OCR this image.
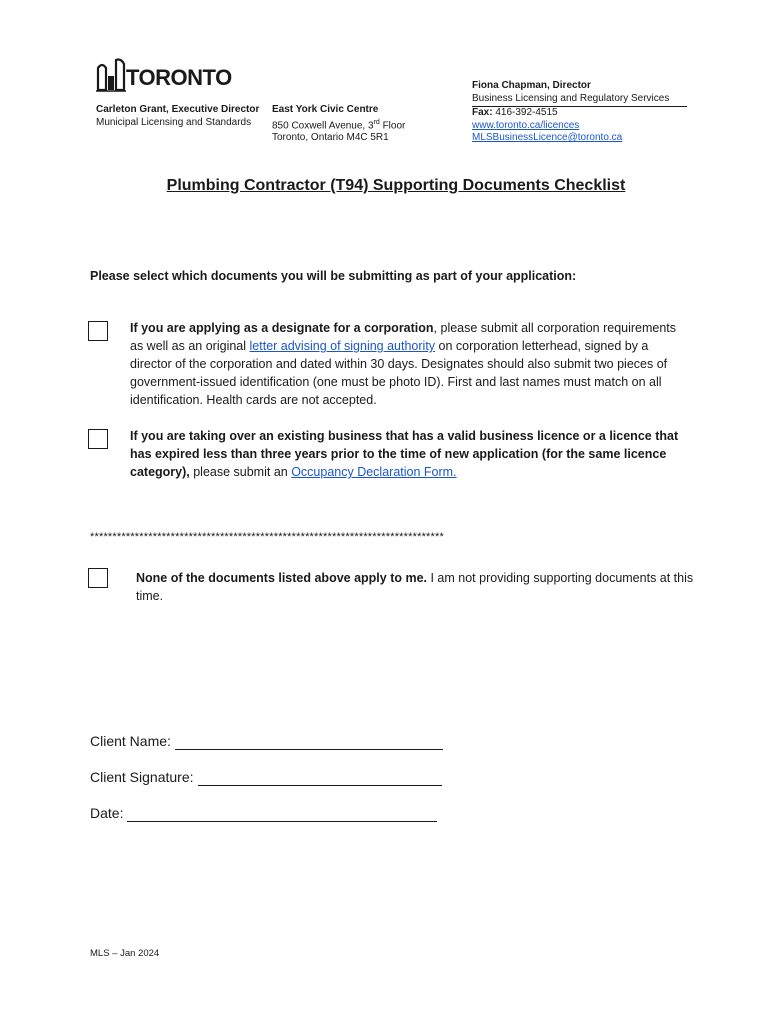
TORONTO
Carleton Grant, Executive Director
Municipal Licensing and Standards
East York Civic Centre
850 Coxwell Avenue, 3rd Floor
Toronto, Ontario M4C 5R1
Fiona Chapman, Director
Business Licensing and Regulatory Services
Fax: 416-392-4515
www.toronto.ca/licences
MLSBusinessLicence@toronto.ca
Plumbing Contractor (T94) Supporting Documents Checklist
Please select which documents you will be submitting as part of your application:
If you are applying as a designate for a corporation, please submit all corporation requirements as well as an original letter advising of signing authority on corporation letterhead, signed by a director of the corporation and dated within 30 days. Designates should also submit two pieces of government-issued identification (one must be photo ID). First and last names must match on all identification. Health cards are not accepted.
If you are taking over an existing business that has a valid business licence or a licence that has expired less than three years prior to the time of new application (for the same licence category), please submit an Occupancy Declaration Form.
*******************************************************************************
None of the documents listed above apply to me. I am not providing supporting documents at this time.
Client Name:
Client Signature:
Date:
MLS – Jan 2024
